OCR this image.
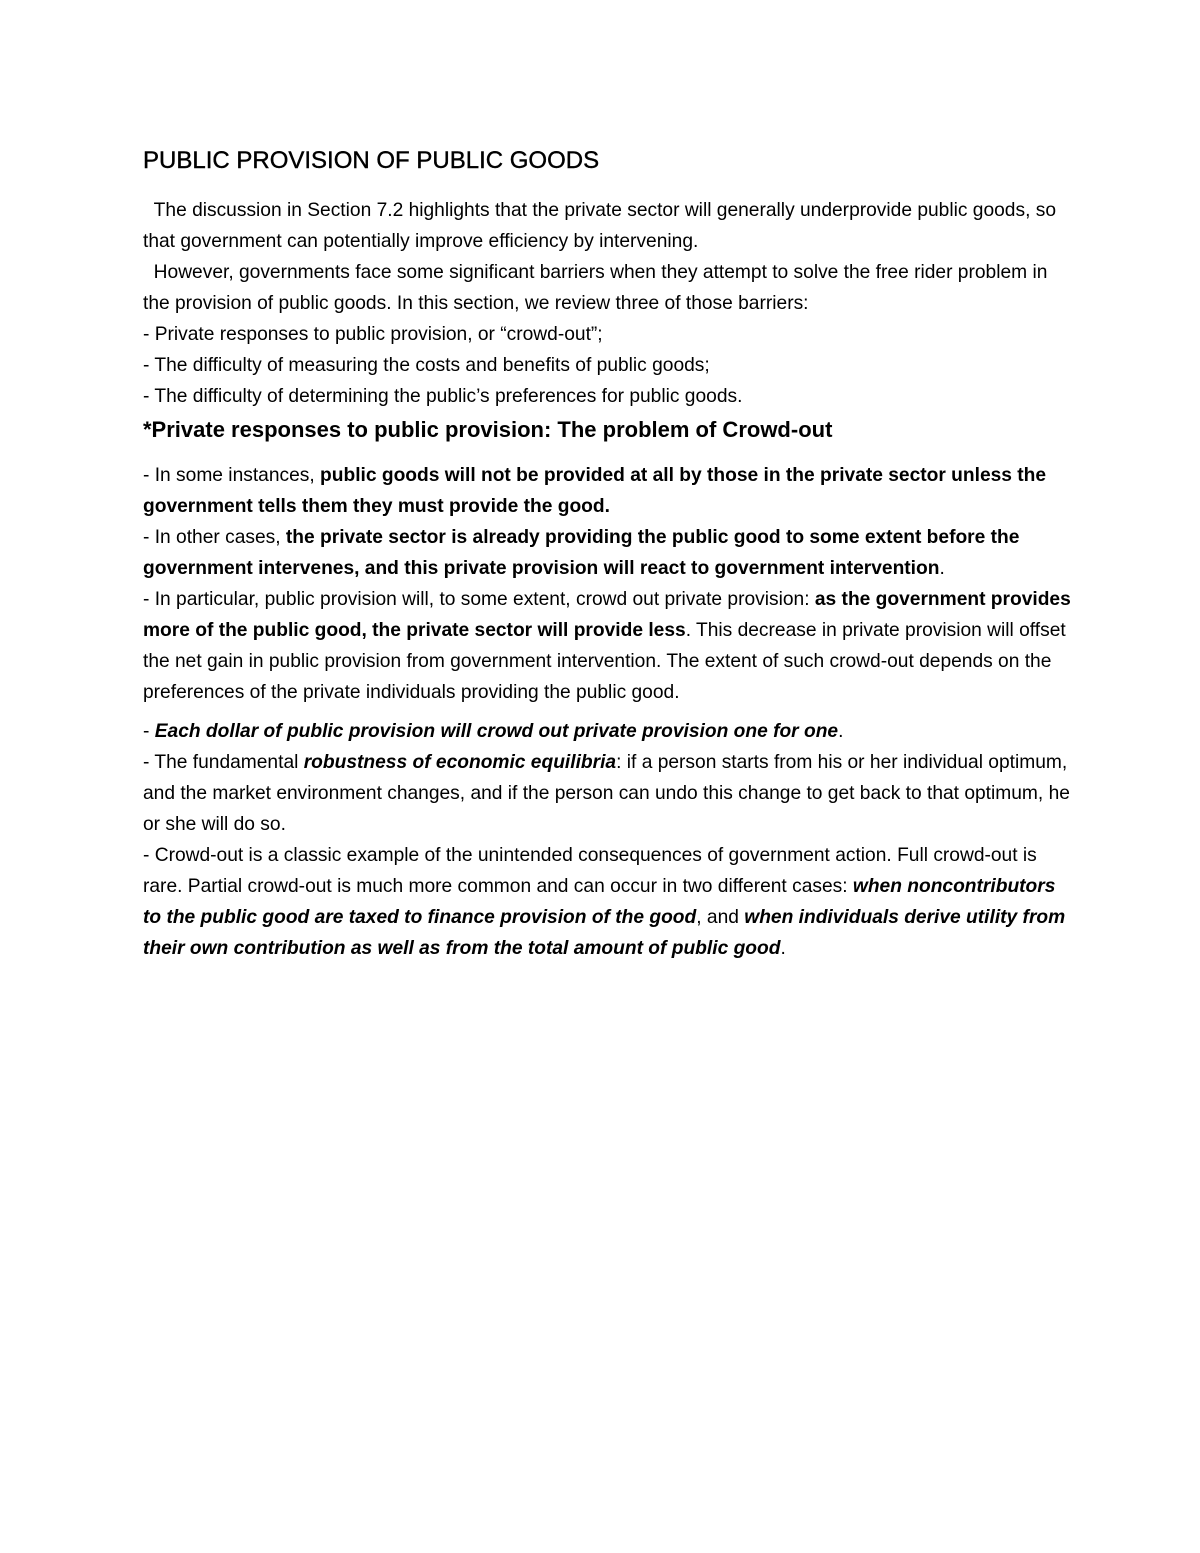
PUBLIC PROVISION OF PUBLIC GOODS

The discussion in Section 7.2 highlights that the private sector will generally underprovide public goods, so that government can potentially improve efficiency by intervening.

However, governments face some significant barriers when they attempt to solve the free rider problem in the provision of public goods. In this section, we review three of those barriers:

- Private responses to public provision, or “crowd-out”;

- The difficulty of measuring the costs and benefits of public goods;

- The difficulty of determining the public’s preferences for public goods.

*Private responses to public provision: The problem of Crowd-out

- In some instances, public goods will not be provided at all by those in the private sector unless the government tells them they must provide the good.

- In other cases, the private sector is already providing the public good to some extent before the government intervenes, and this private provision will react to government intervention.

- In particular, public provision will, to some extent, crowd out private provision: as the government provides more of the public good, the private sector will provide less. This decrease in private provision will offset the net gain in public provision from government intervention. The extent of such crowd-out depends on the preferences of the private individuals providing the public good.

- Each dollar of public provision will crowd out private provision one for one.

- The fundamental robustness of economic equilibria: if a person starts from his or her individual optimum, and the market environment changes, and if the person can undo this change to get back to that optimum, he or she will do so.

- Crowd-out is a classic example of the unintended consequences of government action. Full crowd-out is rare. Partial crowd-out is much more common and can occur in two different cases: when noncontributors to the public good are taxed to finance provision of the good, and when individuals derive utility from their own contribution as well as from the total amount of public good.
